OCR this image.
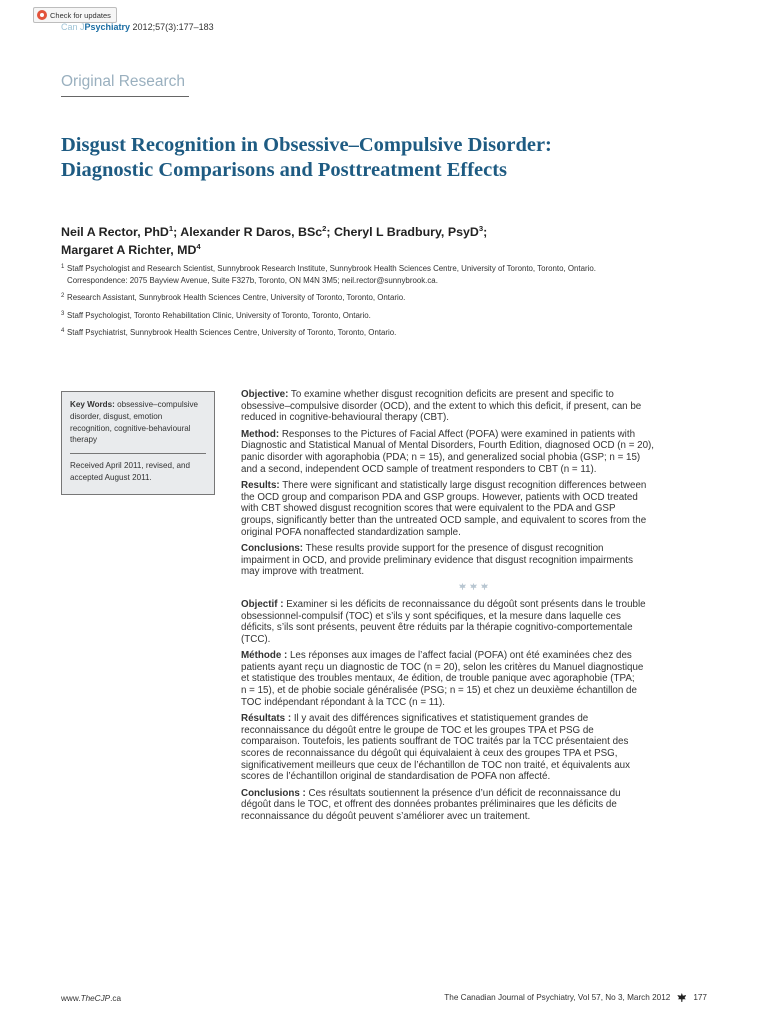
Check for updates
Can JPsychiatry 2012;57(3):177–183
Original Research
Disgust Recognition in Obsessive–Compulsive Disorder:
Diagnostic Comparisons and Posttreatment Effects
Neil A Rector, PhD$^1$; Alexander R Daros, BSc$^2$; Cheryl L Bradbury, PsyD$^3$;
Margaret A Richter, $MD^4$
1 Staff Psychologist and Research Scientist, Sunnybrook Research Institute, Sunnybrook Health Sciences Centre, University of Toronto, Toronto, Ontario.
Correspondence: 2075 Bayview Avenue, Suite F327b, Toronto, ON M4N 3M5; neil.rector@sunnybrook.ca.
2 Research Assistant, Sunnybrook Health Sciences Centre, University of Toronto, Toronto, Ontario.
3 Staff Psychologist, Toronto Rehabilitation Clinic, University of Toronto, Toronto, Ontario.
4 Staff Psychiatrist, Sunnybrook Health Sciences Centre, University of Toronto, Toronto, Ontario.
Key Words: obsessive–compulsive
disorder, disgust, emotion
recognition, cognitive-behavioural
therapy
Received April 2011, revised, and
accepted August 2011.
Objective: To examine whether disgust recognition deficits are present and specific to
obsessive–compulsive disorder (OCD), and the extent to which this deficit, if present, can be
reduced in cognitive-behavioural therapy (CBT).
Method: Responses to the Pictures of Facial Affect (POFA) were examined in patients with
Diagnostic and Statistical Manual of Mental Disorders, Fourth Edition, diagnosed OCD (n = 20),
panic disorder with agoraphobia (PDA; n = 15), and generalized social phobia (GSP; n = 15)
and a second, independent OCD sample of treatment responders to CBT (n = 11).
Results: There were significant and statistically large disgust recognition differences between
the OCD group and comparison PDA and GSP groups. However, patients with OCD treated
with CBT showed disgust recognition scores that were equivalent to the PDA and GSP
groups, significantly better than the untreated OCD sample, and equivalent to scores from the
original POFA nonaffected standardization sample.
Conclusions: These results provide support for the presence of disgust recognition
impairment in OCD, and provide preliminary evidence that disgust recognition impairments
may improve with treatment.
Objectif : Examiner si les déficits de reconnaissance du dégoût sont présents dans le trouble
obsessionnel-compulsif (TOC) et s’ils y sont spécifiques, et la mesure dans laquelle ces
déficits, s’ils sont présents, peuvent être réduits par la thérapie cognitivo-comportementale
(TCC).
Méthode : Les réponses aux images de l’affect facial (POFA) ont été examinées chez des
patients ayant reçu un diagnostic de TOC (n = 20), selon les critères du Manuel diagnostique
et statistique des troubles mentaux, 4e édition, de trouble panique avec agoraphobie (TPA;
n = 15), et de phobie sociale généralisée (PSG; n = 15) et chez un deuxième échantillon de
TOC indépendant répondant à la TCC (n = 11).
Résultats : Il y avait des différences significatives et statistiquement grandes de
reconnaissance du dégoût entre le groupe de TOC et les groupes TPA et PSG de
comparaison. Toutefois, les patients souffrant de TOC traités par la TCC présentaient des
scores de reconnaissance du dégoût qui équivalaient à ceux des groupes TPA et PSG,
significativement meilleurs que ceux de l’échantillon de TOC non traité, et équivalents aux
scores de l’échantillon original de standardisation de POFA non affecté.
Conclusions : Ces résultats soutiennent la présence d’un déficit de reconnaissance du
dégoût dans le TOC, et offrent des données probantes préliminaires que les déficits de
reconnaissance du dégoût peuvent s’améliorer avec un traitement.
www.TheCJP.ca	The Canadian Journal of Psychiatry, Vol 57, No 3, March 2012	177
